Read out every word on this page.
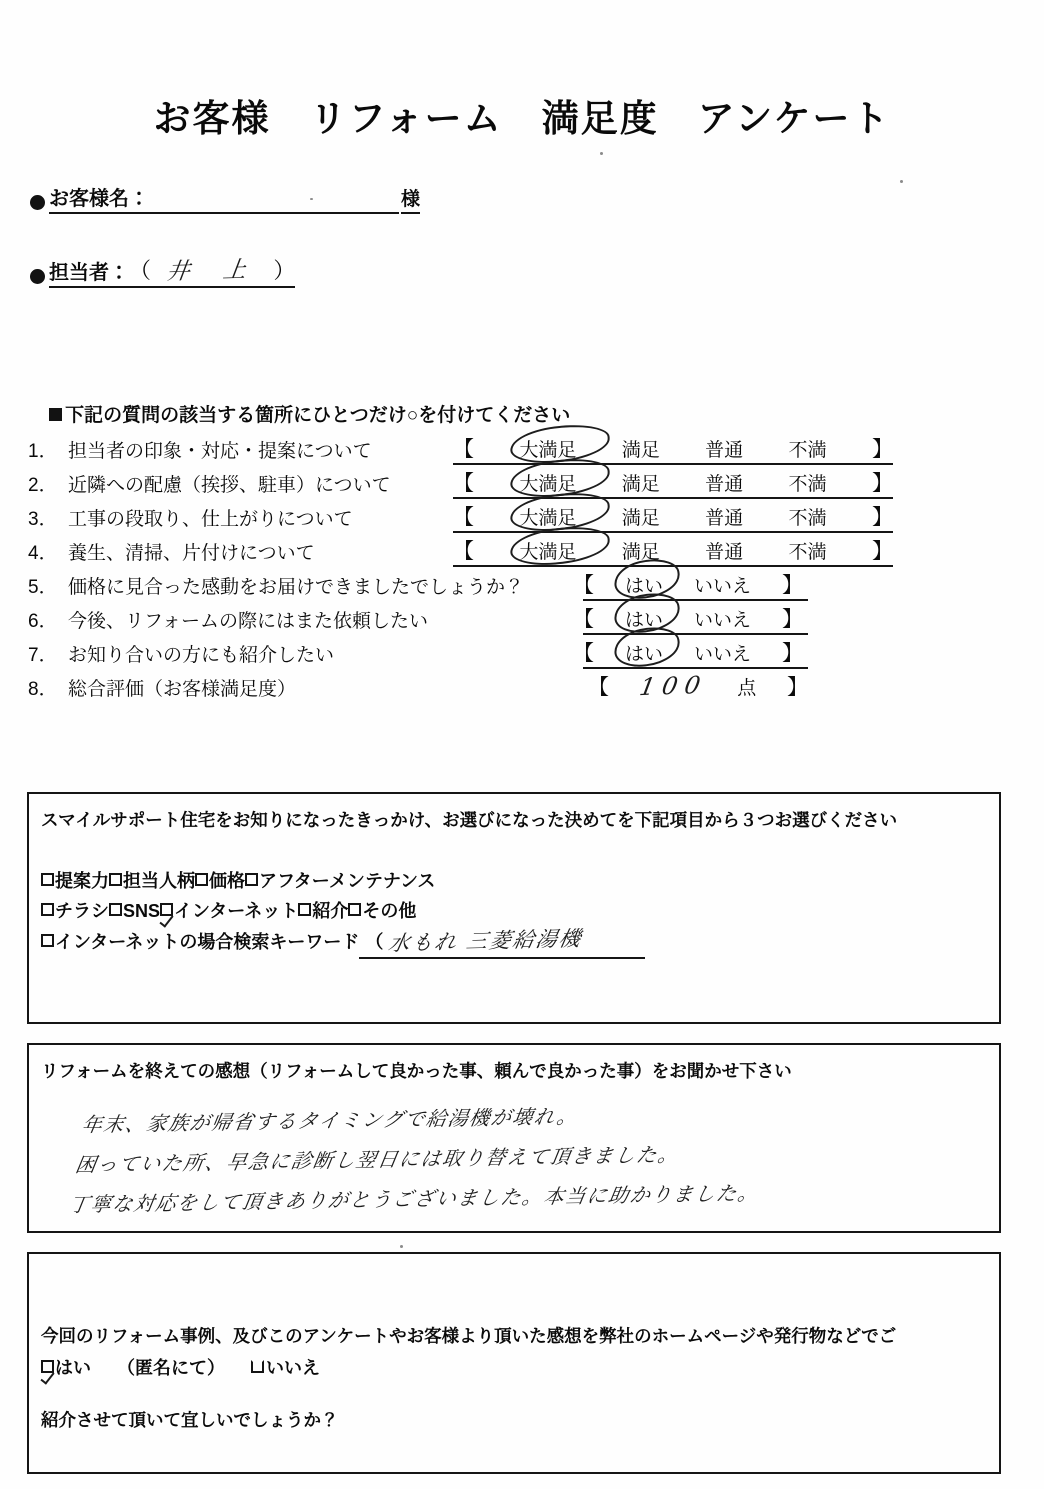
お客様　リフォーム　満足度　アンケート
お客様名：	様
担当者： （ 井 上 ）

下記の質問の該当する箇所にひとつだけ○を付けてください

1． 担当者の印象・対応・提案について	【 大満足 満足 普通 不満 】
2． 近隣への配慮（挨拶、駐車）について	【 大満足 満足 普通 不満 】
3． 工事の段取り、仕上がりについて	【 大満足 満足 普通 不満 】
4． 養生、清掃、片付けについて	【 大満足 満足 普通 不満 】
5． 価格に見合った感動をお届けできましたでしょうか？ 【 はい いいえ 】
6． 今後、リフォームの際にはまた依頼したい	【 はい いいえ 】
7． お知り合いの方にも紹介したい	【 はい いいえ 】
8． 総合評価（お客様満足度）	【 100 点 】
スマイルサポート住宅をお知りになったきっかけ、お選びになった決めてを下記項目から３つお選びください
提案力 担当人柄 価格 アフターメンテナンス
チラシ SNS インターネット 紹介 その他
インターネットの場合検索キーワード （ 水もれ 三菱給湯機
リフォームを終えての感想（リフォームして良かった事、頼んで良かった事）をお聞かせ下さい
年末、家族が帰省するタイミングで給湯機が壊れ。
困っていた所、早急に診断し翌日には取り替えて頂きました。
丁寧な対応をして頂きありがとうございました。本当に助かりました。

今回のリフォーム事例、及びこのアンケートやお客様より頂いた感想を弊社のホームページや発行物などでご

紹介させて頂いて宜しいでしょうか？

はい （匿名にて） いいえ
